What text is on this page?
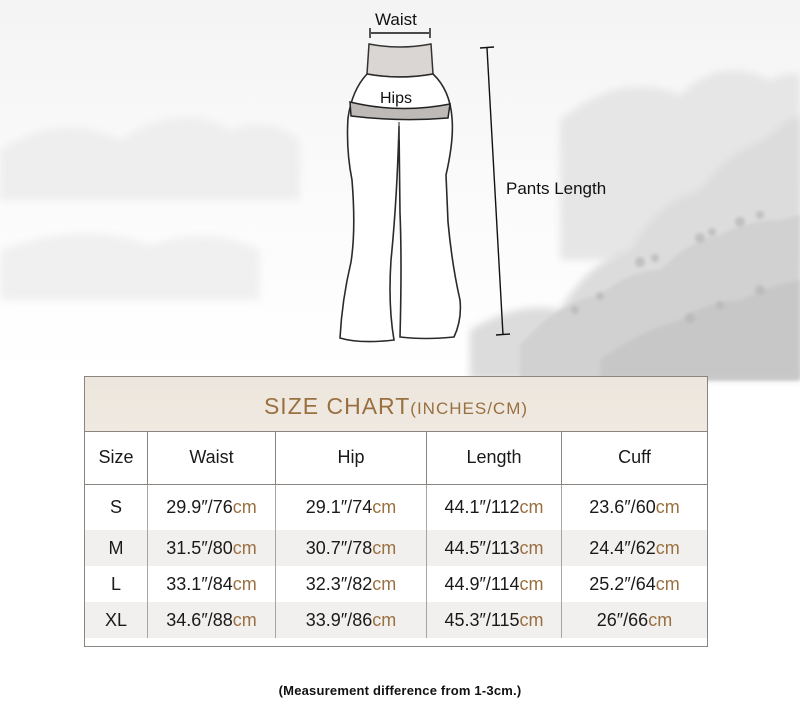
Waist
Hips
Pants Length
SIZE CHART(INCHES/CM)
Size	Waist	Hip	Length	Cuff
S	29.9″/76 cm	29.1″/74 cm	44.1″/112 cm	23.6″/60 cm
M	31.5″/80 cm	30.7″/78 cm	44.5″/113 cm	24.4″/62 cm
L	33.1″/84 cm	32.3″/82 cm	44.9″/114 cm	25.2″/64 cm
XL	34.6″/88 cm	33.9″/86 cm	45.3″/115 cm	26″/66 cm
(Measurement difference from 1-3cm.)
